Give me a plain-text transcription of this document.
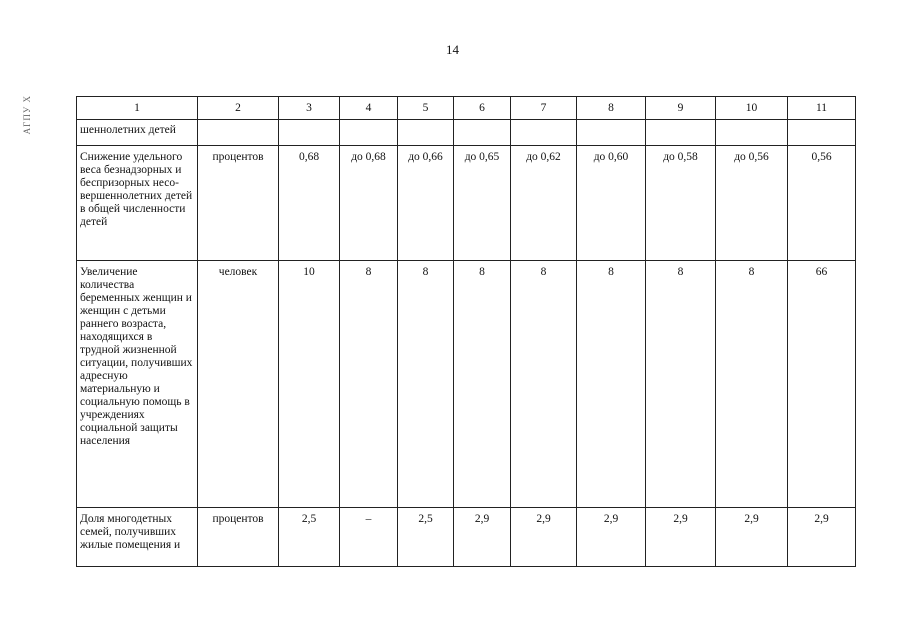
14
АГПУ Х	1	2	3	4	5	6	7	8	9	10	11
шеннолетних детей										
Снижение удельного веса безнадзорных и беспризорных несо-вершеннолетних детей в общей численности детей	процентов	0,68	до 0,68	до 0,66	до 0,65	до 0,62	до 0,60	до 0,58	до 0,56	0,56
Увеличение количества беременных женщин и женщин с детьми раннего возраста, находящихся в трудной жизненной ситуации, получивших адресную материальную и социальную помощь в учреждениях социальной защиты населения	человек	10	8	8	8	8	8	8	8	66
Доля многодетных семей, получивших жилые помещения и	процентов	2,5	–	2,5	2,9	2,9	2,9	2,9	2,9	2,9
